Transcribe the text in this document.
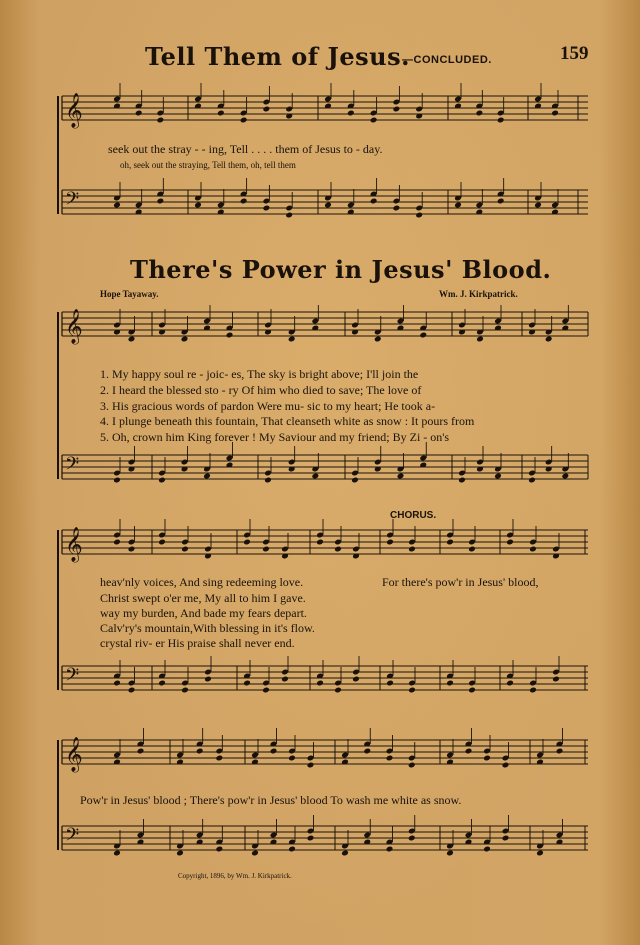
Tell Them of Jesus.
—CONCLUDED.	159
𝄞
𝄢
𝄞
𝄢
𝄞
𝄢
𝄞
𝄢
seek out the stray - - ing, Tell . . . . them of Jesus to - day.
oh, seek out the straying, Tell them, oh, tell them
There's Power in Jesus' Blood.
Hope Tayaway.	Wm. J. Kirkpatrick.
1. My happy soul re - joic- es, The sky is bright above; I'll join the
2. I heard the blessed sto - ry Of him who died to save; The love of
3. His gracious words of pardon Were mu- sic to my heart; He took a-
4. I plunge beneath this fountain, That cleanseth white as snow : It pours from
5. Oh, crown him King forever ! My Saviour and my friend; By Zi - on's
CHORUS.
heav'nly voices, And sing redeeming love.	For there's pow'r in Jesus' blood,
Christ swept o'er me, My all to him I gave.
way my burden, And bade my fears depart.
Calv'ry's mountain,With blessing in it's flow.
crystal riv- er His praise shall never end.
Pow'r in Jesus' blood ; There's pow'r in Jesus' blood To wash me white as snow.
Copyright, 1896, by Wm. J. Kirkpatrick.
